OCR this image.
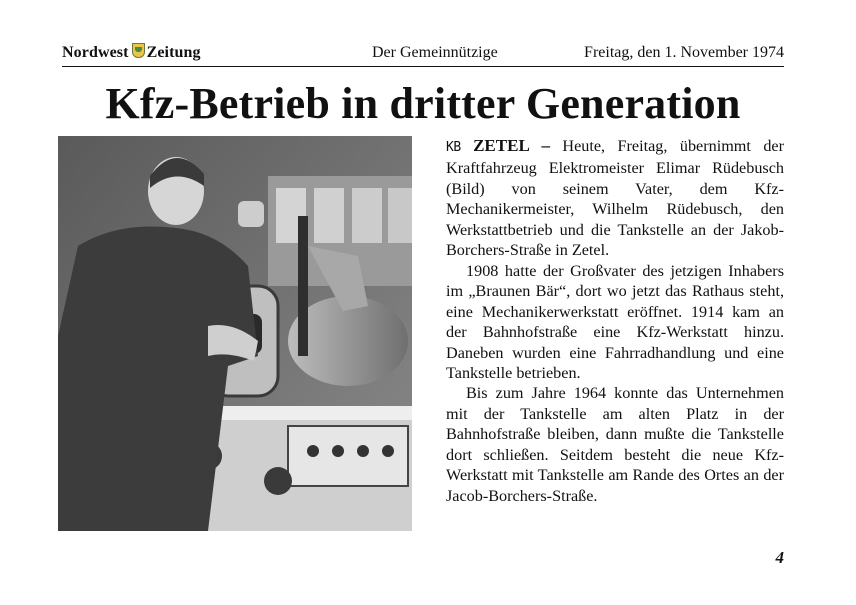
Nordwest Zeitung	Der Gemeinnützige	Freitag, den 1. November 1974
Kfz-Betrieb in dritter Generation

KB ZETEL – Heute, Freitag, übernimmt der Kraftfahrzeug Elektromeister Elimar Rüdebusch (Bild) von seinem Vater, dem Kfz-Mechanikermeister, Wilhelm Rüdebusch, den Werkstattbetrieb und die Tankstelle an der Jakob-Borchers-Straße in Zetel.

1908 hatte der Großvater des jetzigen Inhabers im „Braunen Bär“, dort wo jetzt das Rathaus steht, eine Mechanikerwerkstatt eröffnet. 1914 kam an der Bahnhofstraße eine Kfz-Werkstatt hinzu. Daneben wurden eine Fahrradhandlung und eine Tankstelle betrieben.

Bis zum Jahre 1964 konnte das Unternehmen mit der Tankstelle am alten Platz in der Bahnhofstraße bleiben, dann mußte die Tankstelle dort schließen. Seitdem besteht die neue Kfz-Werkstatt mit Tankstelle am Rande des Ortes an der Jacob-Borchers-Straße.

4
